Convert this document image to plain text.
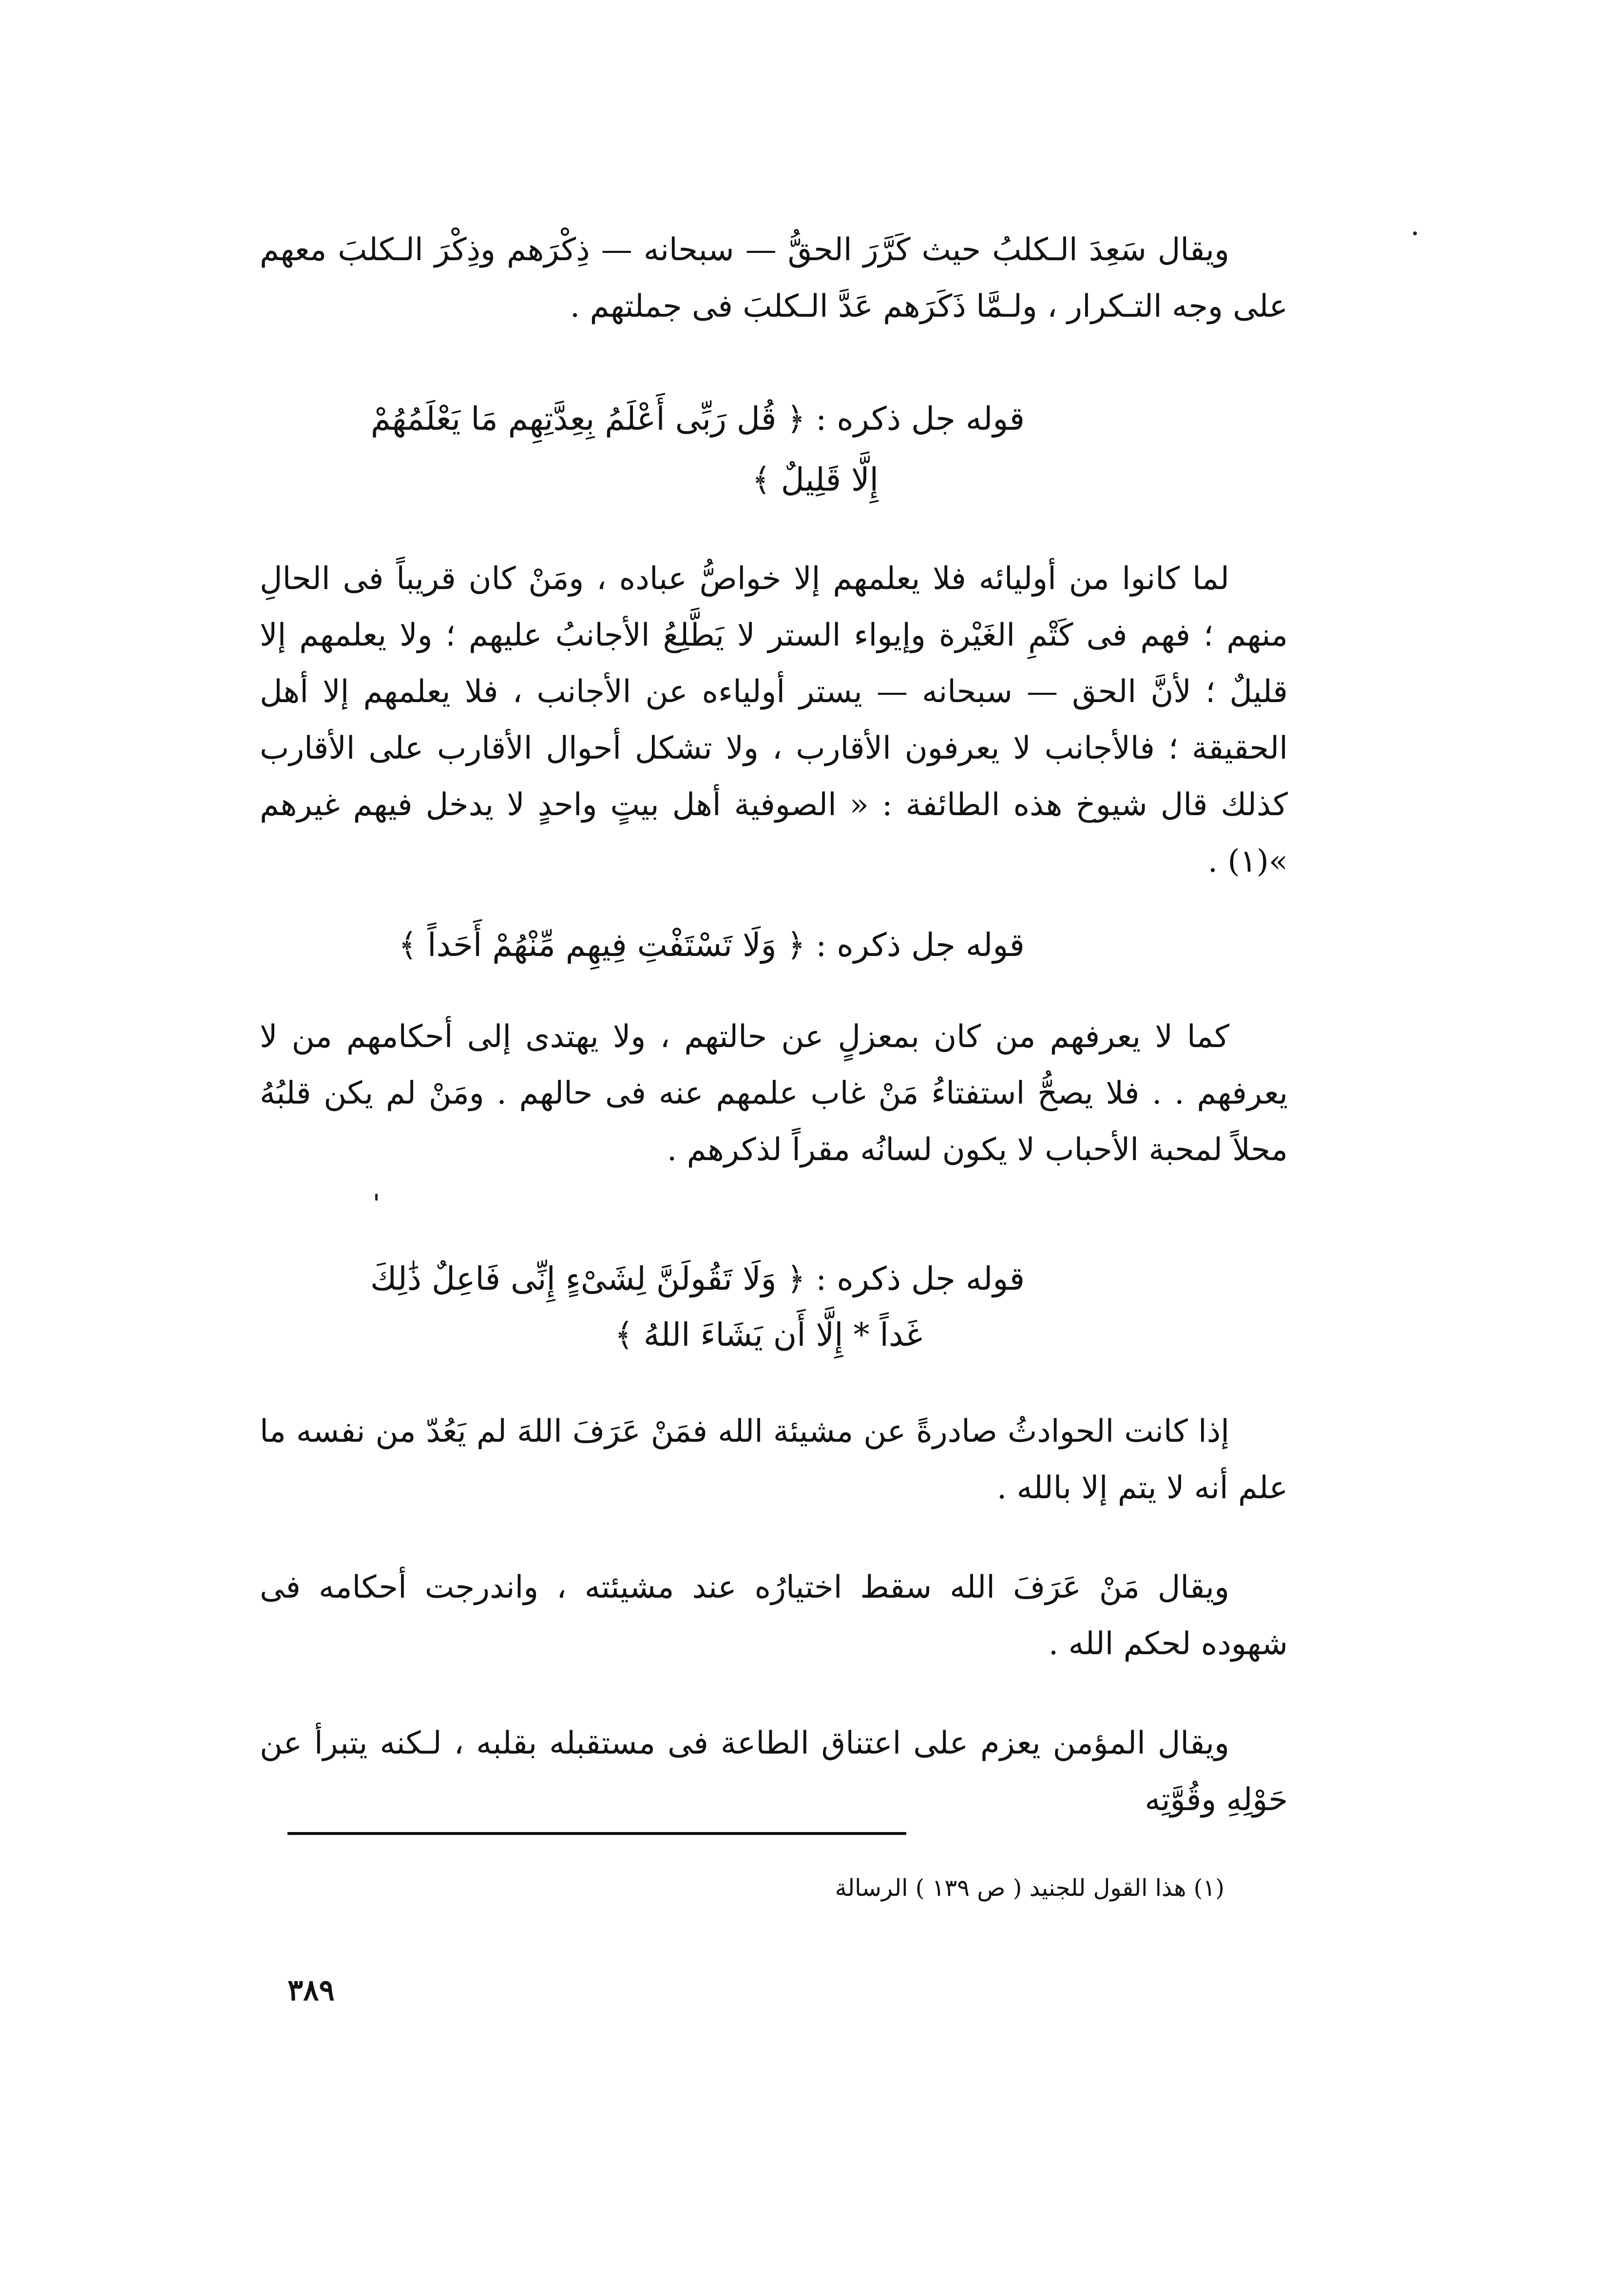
ويقال سَعِدَ الـكلبُ حيث كَرَّرَ الحقُّ — سبحانه — ذِكْرَهم وذِكْرَ الـكلبَ معهم على وجه التـكرار ، ولـمَّا ذَكَرَهم عَدَّ الـكلبَ فى جملتهم .

قوله جل ذكره : ﴿ قُل رَبِّى أَعْلَمُ بِعِدَّتِهِم مَا يَعْلَمُهُمْ
إِلَّا قَلِيلٌ ﴾

لما كانوا من أوليائه فلا يعلمهم إلا خواصُّ عباده ، ومَنْ كان قريباً فى الحالِ منهم ؛ فهم فى كَتْمِ الغَيْرة وإيواء الستر لا يَطَّلِعُ الأجانبُ عليهم ؛ ولا يعلمهم إلا قليلٌ ؛ لأنَّ الحق — سبحانه — يستر أولياءه عن الأجانب ، فلا يعلمهم إلا أهل الحقيقة ؛ فالأجانب لا يعرفون الأقارب ، ولا تشكل أحوال الأقارب على الأقارب كذلك قال شيوخ هذه الطائفة : « الصوفية أهل بيتٍ واحدٍ لا يدخل فيهم غيرهم »(١) .

قوله جل ذكره : ﴿ وَلَا تَسْتَفْتِ فِيهِم مِّنْهُمْ أَحَداً ﴾

كما لا يعرفهم من كان بمعزلٍ عن حالتهم ، ولا يهتدى إلى أحكامهم من لا يعرفهم . . فلا يصحُّ استفتاءُ مَنْ غاب علمهم عنه فى حالهم . ومَنْ لم يكن قلبُهُ محلاً لمحبة الأحباب لا يكون لسانُه مقراً لذكرهم .

قوله جل ذكره : ﴿ وَلَا تَقُولَنَّ لِشَىْءٍ إِنِّى فَاعِلٌ ذَٰلِكَ
غَداً * إِلَّا أَن يَشَاءَ اللهُ ﴾

إذا كانت الحوادثُ صادرةً عن مشيئة الله فمَنْ عَرَفَ اللهَ لم يَعُدّ من نفسه ما علم أنه لا يتم إلا بالله .

ويقال مَنْ عَرَفَ الله سقط اختيارُه عند مشيئته ، واندرجت أحكامه فى شهوده لحكم الله .

ويقال المؤمن يعزم على اعتناق الطاعة فى مستقبله بقلبه ، لـكنه يتبرأ عن حَوْلِهِ وقُوَّتِه

(١) هذا القول للجنيد ( ص ١٣٩ ) الرسالة
٣٨٩
